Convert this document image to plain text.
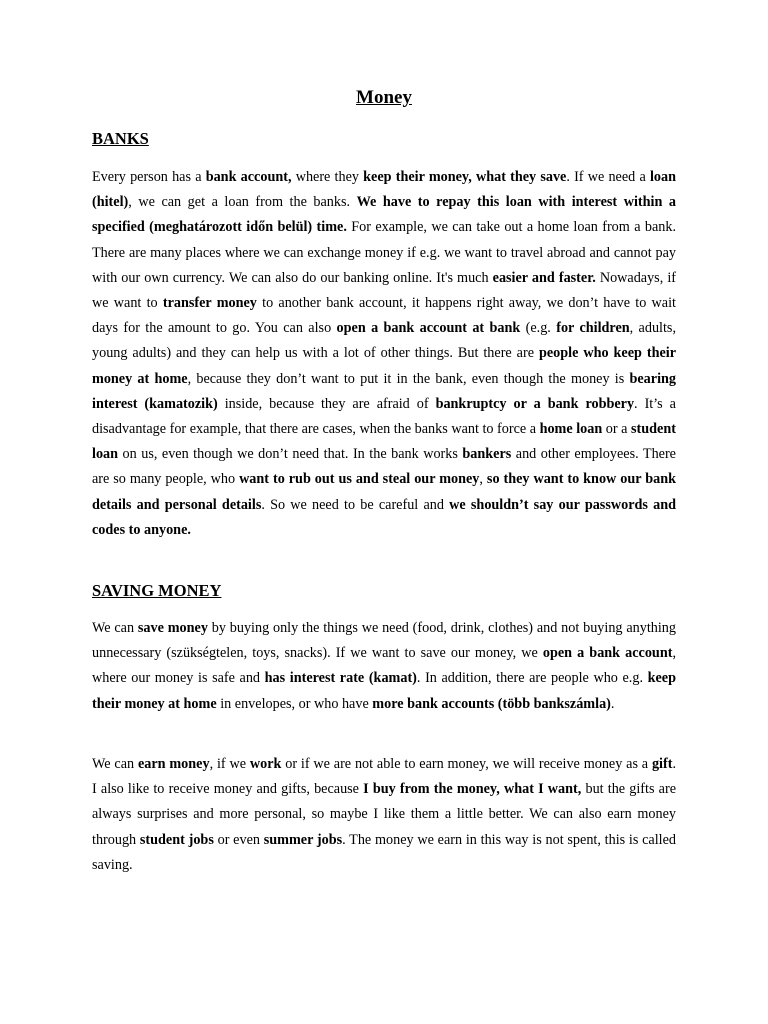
Money
BANKS

Every person has a bank account, where they keep their money, what they save. If we need a loan (hitel), we can get a loan from the banks. We have to repay this loan with interest within a specified (meghatározott időn belül) time. For example, we can take out a home loan from a bank. There are many places where we can exchange money if e.g. we want to travel abroad and cannot pay with our own currency. We can also do our banking online. It's much easier and faster. Nowadays, if we want to transfer money to another bank account, it happens right away, we don’t have to wait days for the amount to go. You can also open a bank account at bank (e.g. for children, adults, young adults) and they can help us with a lot of other things. But there are people who keep their money at home, because they don’t want to put it in the bank, even though the money is bearing interest (kamatozik) inside, because they are afraid of bankruptcy or a bank robbery. It’s a disadvantage for example, that there are cases, when the banks want to force a home loan or a student loan on us, even though we don’t need that. In the bank works bankers and other employees. There are so many people, who want to rub out us and steal our money, so they want to know our bank details and personal details. So we need to be careful and we shouldn’t say our passwords and codes to anyone.

SAVING MONEY

We can save money by buying only the things we need (food, drink, clothes) and not buying anything unnecessary (szükségtelen, toys, snacks). If we want to save our money, we open a bank account, where our money is safe and has interest rate (kamat). In addition, there are people who e.g. keep their money at home in envelopes, or who have more bank accounts (több bankszámla).

We can earn money, if we work or if we are not able to earn money, we will receive money as a gift. I also like to receive money and gifts, because I buy from the money, what I want, but the gifts are always surprises and more personal, so maybe I like them a little better. We can also earn money through student jobs or even summer jobs. The money we earn in this way is not spent, this is called saving.
